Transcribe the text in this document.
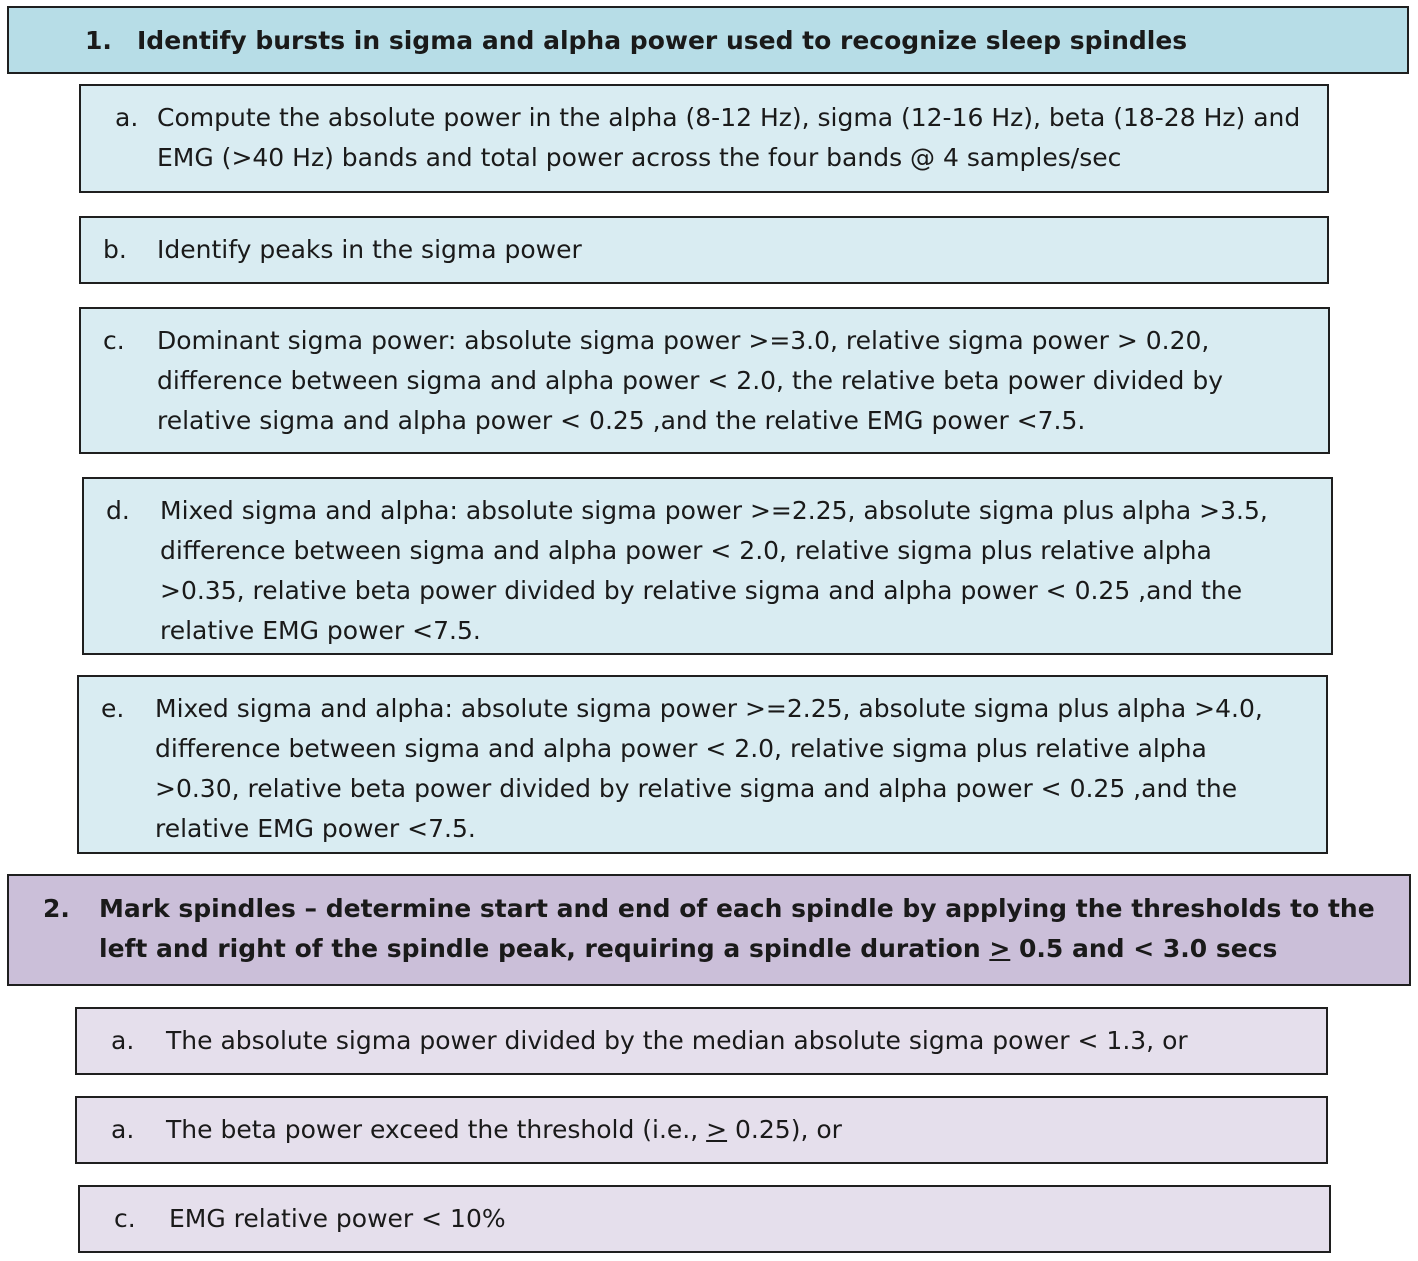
1.	Identify bursts in sigma and alpha power used to recognize sleep spindles
a. Compute the absolute power in the alpha (8-12 Hz), sigma (12-16 Hz), beta (18-28 Hz) and EMG (>40 Hz) bands and total power across the four bands @ 4 samples/sec
b.	Identify peaks in the sigma power
c.	Dominant sigma power: absolute sigma power >=3.0, relative sigma power > 0.20, difference between sigma and alpha power < 2.0, the relative beta power divided by relative sigma and alpha power < 0.25 ,and the relative EMG power <7.5.
d.	Mixed sigma and alpha: absolute sigma power >=2.25, absolute sigma plus alpha >3.5, difference between sigma and alpha power < 2.0, relative sigma plus relative alpha >0.35, relative beta power divided by relative sigma and alpha power < 0.25 ,and the relative EMG power <7.5.
e.	Mixed sigma and alpha: absolute sigma power >=2.25, absolute sigma plus alpha >4.0, difference between sigma and alpha power < 2.0, relative sigma plus relative alpha >0.30, relative beta power divided by relative sigma and alpha power < 0.25 ,and the relative EMG power <7.5.
2.	Mark spindles – determine start and end of each spindle by applying the thresholds to the left and right of the spindle peak, requiring a spindle duration ≥ 0.5 and < 3.0 secs
a.	The absolute sigma power divided by the median absolute sigma power < 1.3, or
a.	The beta power exceed the threshold (i.e., > 0.25), or
c.	EMG relative power < 10%
